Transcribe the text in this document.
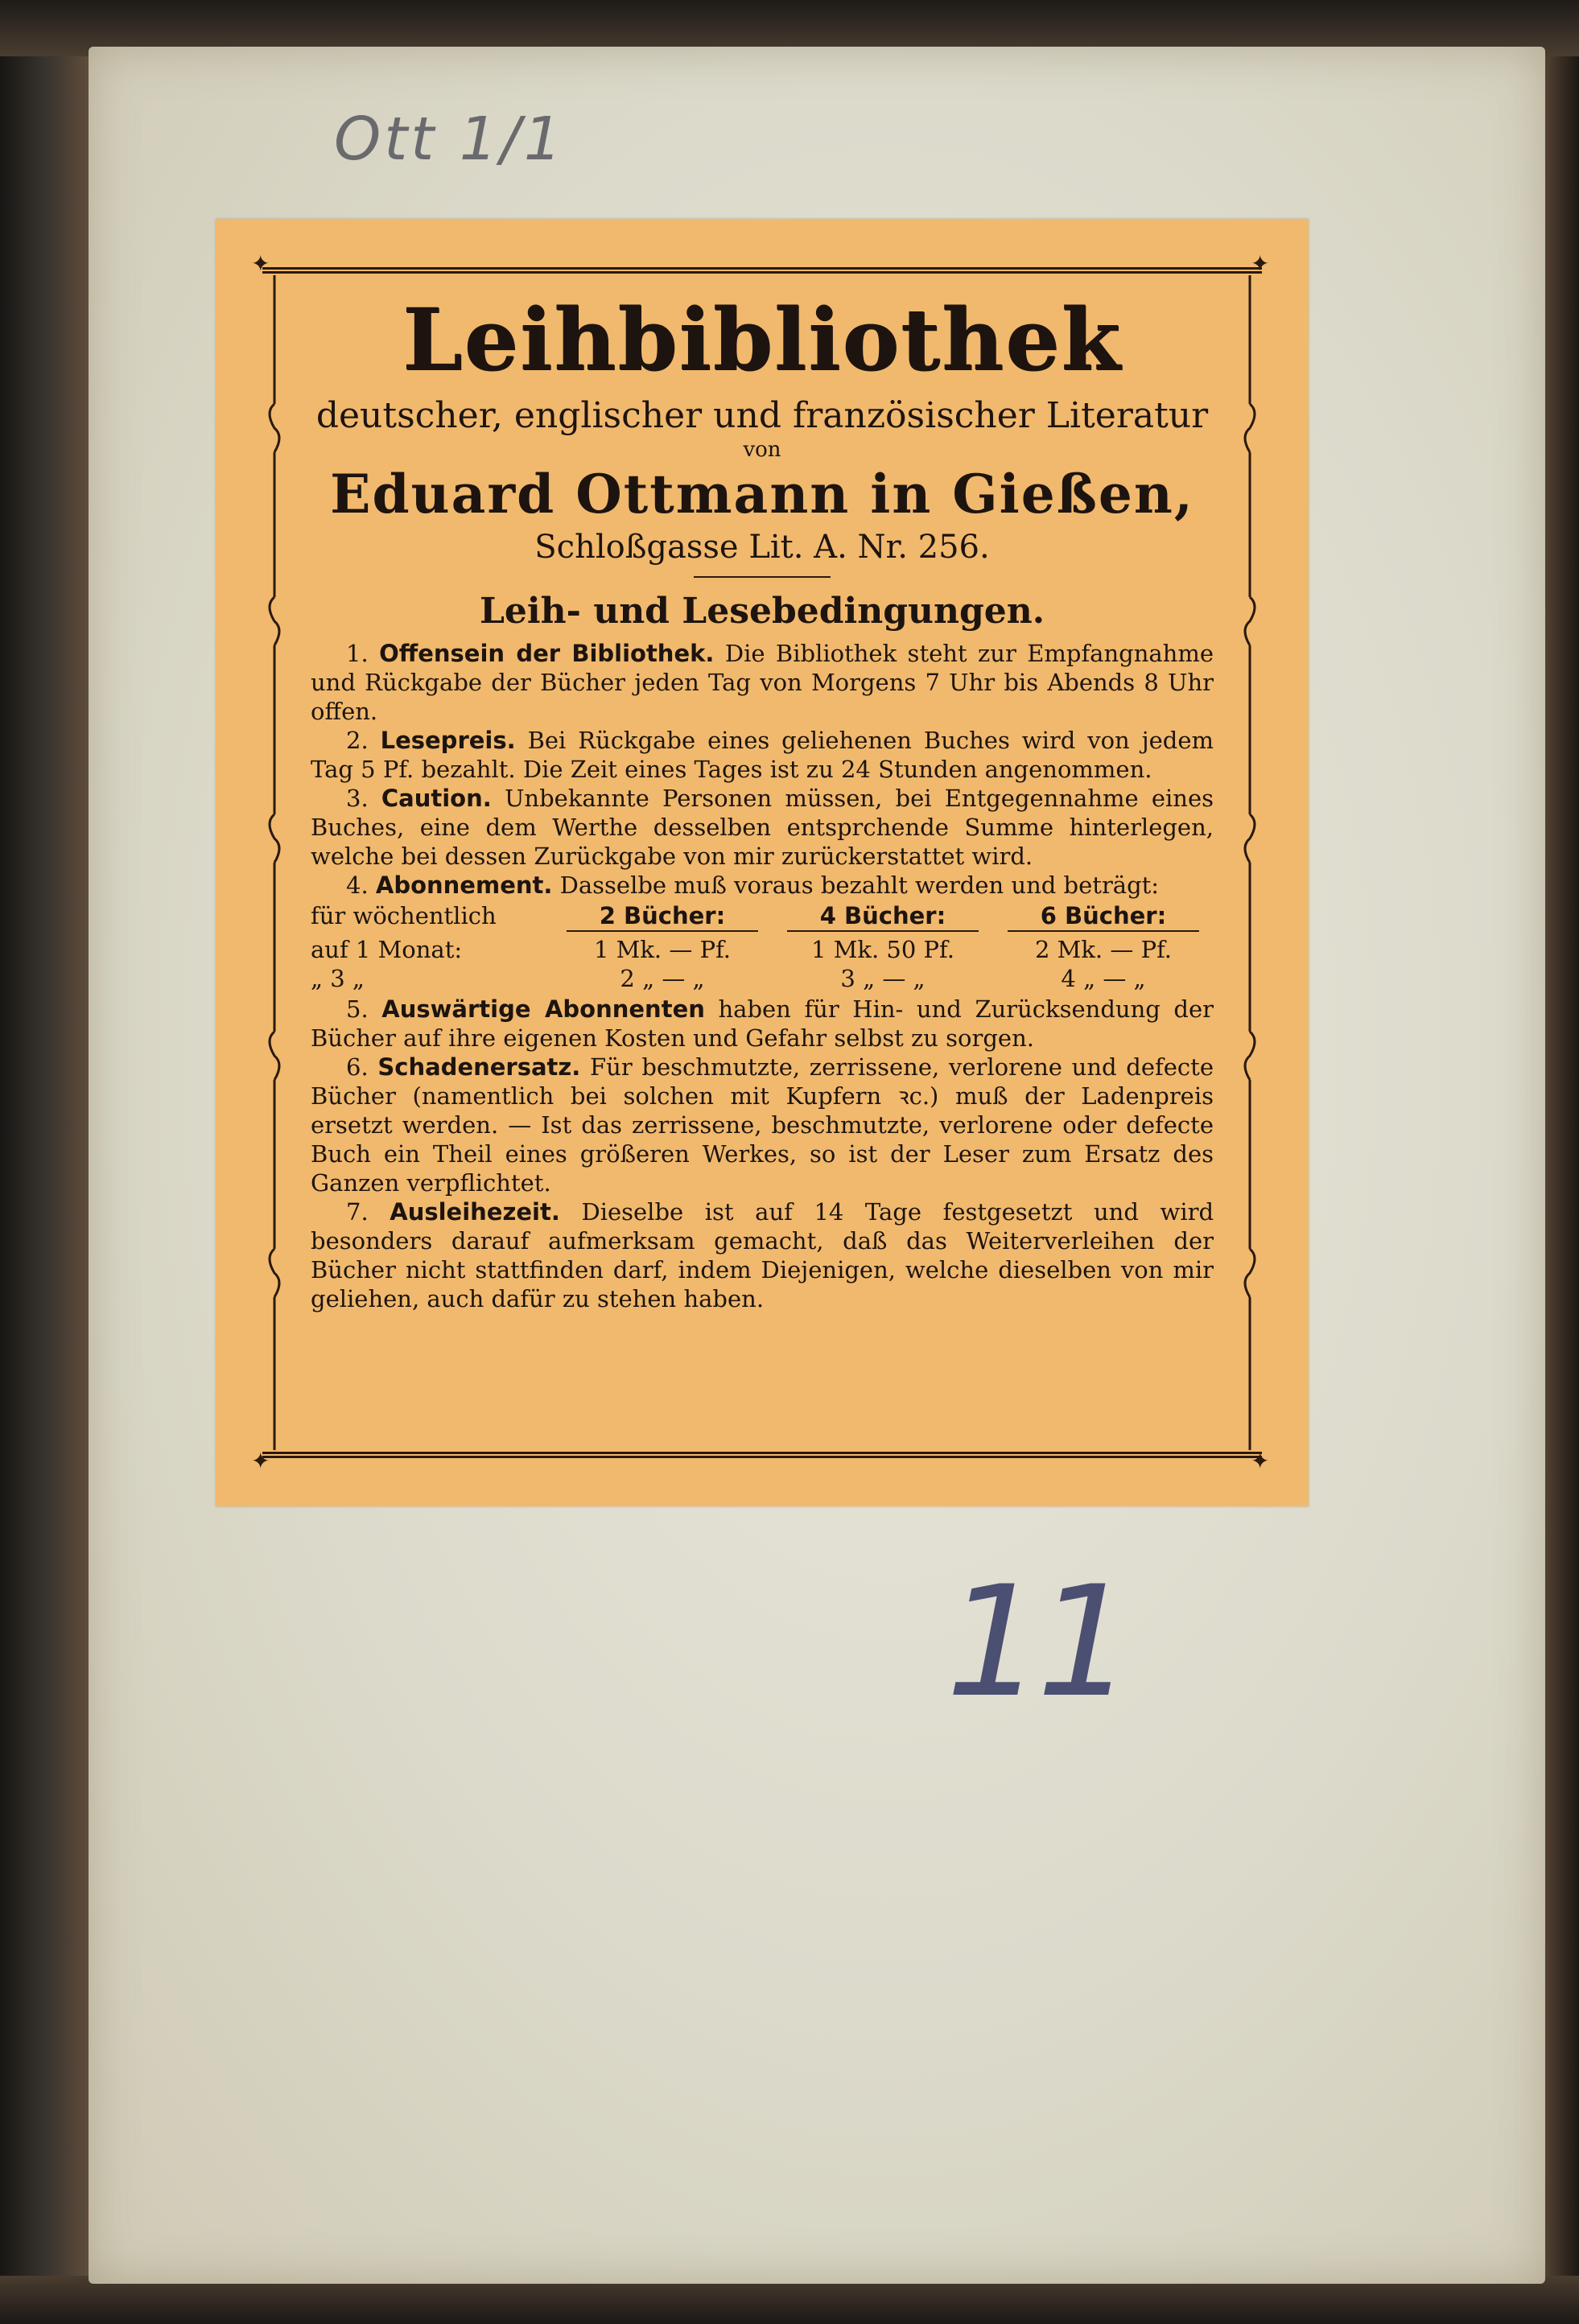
Ott 1/1
11
✦	✦
✦	✦
Leihbibliothek
deutscher, englischer und französischer Literatur
von
Eduard Ottmann in Gießen,
Schloßgasse Lit. A. Nr. 256.
Leih- und Lesebedingungen.

1. Offensein der Bibliothek. Die Bibliothek steht zur Empfangnahme und Rückgabe der Bücher jeden Tag von Morgens 7 Uhr bis Abends 8 Uhr offen.

2. Lesepreis. Bei Rückgabe eines geliehenen Buches wird von jedem Tag 5 Pf. bezahlt. Die Zeit eines Tages ist zu 24 Stunden angenommen.

3. Caution. Unbekannte Personen müssen, bei Entgegennahme eines Buches, eine dem Werthe desselben entsprchende Summe hinterlegen, welche bei dessen Zurückgabe von mir zurückerstattet wird.

4. Abonnement. Dasselbe muß voraus bezahlt werden und beträgt:

für wöchentlich	2 Bücher:	4 Bücher:	6 Bücher:
auf 1 Monat:	1 Mk. — Pf.	1 Mk. 50 Pf.	2 Mk. — Pf.
„ 3 „	2 „ — „	3 „ — „	4 „ — „

5. Auswärtige Abonnenten haben für Hin- und Zurücksendung der Bücher auf ihre eigenen Kosten und Gefahr selbst zu sorgen.

6. Schadenersatz. Für beschmutzte, zerrissene, verlorene und defecte Bücher (namentlich bei solchen mit Kupfern ꝛc.) muß der Ladenpreis ersetzt werden. — Ist das zerrissene, beschmutzte, verlorene oder defecte Buch ein Theil eines größeren Werkes, so ist der Leser zum Ersatz des Ganzen verpflichtet.

7. Ausleihezeit. Dieselbe ist auf 14 Tage festgesetzt und wird besonders darauf aufmerksam gemacht, daß das Weiterverleihen der Bücher nicht stattfinden darf, indem Diejenigen, welche dieselben von mir geliehen, auch dafür zu stehen haben.
